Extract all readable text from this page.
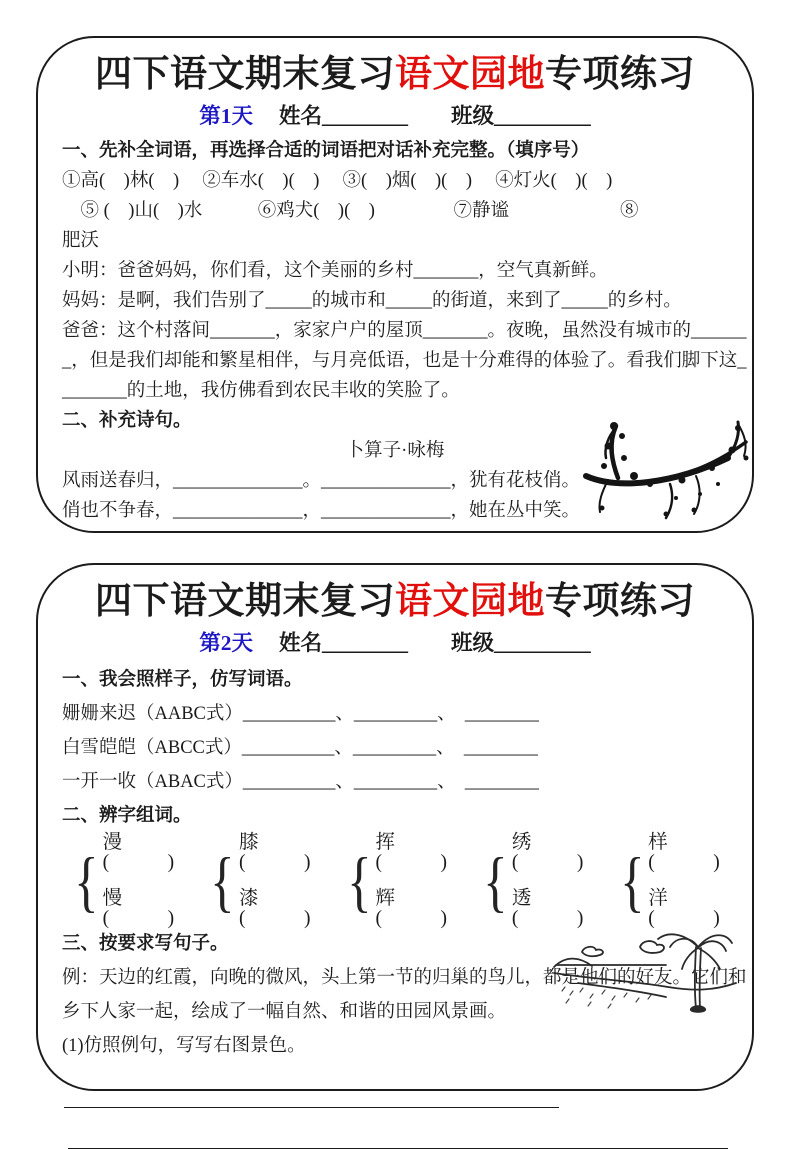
四下语文期末复习语文园地专项练习
第1天 姓名________　　班级_________

一、先补全词语，再选择合适的词语把对话补充完整。（填序号）

①高(　)林(　)　 ②车水(　)(　)　 ③(　)烟(　)(　)　 ④灯火(　)(　)

　⑤ (　)山(　)水　　　⑥鸡犬(　)(　)　　　　 ⑦静谧　　　　　　⑧

肥沃

小明：爸爸妈妈，你们看，这个美丽的乡村_______，空气真新鲜。

妈妈：是啊，我们告别了_____的城市和_____的街道，来到了_____的乡村。

爸爸：这个村落间_______，家家户户的屋顶_______。夜晚，虽然没有城市的______

_，但是我们却能和繁星相伴，与月亮低语，也是十分难得的体验了。看我们脚下这_

_______的土地，我仿佛看到农民丰收的笑脸了。

二、补充诗句。

卜算子·咏梅

风雨送春归，______________。______________，犹有花枝俏。

俏也不争春，______________，______________，她在丛中笑。

四下语文期末复习语文园地专项练习
第2天 姓名________　　班级_________

一、我会照样子，仿写词语。

姗姗来迟（AABC式）__________、_________、　________

白雪皑皑（ABCC式）__________、_________、　________

一开一收（ABAC式）__________、_________、　________

二、辨字组词。

{
漫(　　　)
慢(　　　) {
膝(　　　)
漆(　　　) {
挥(　　　)
辉(　　　) {
绣(　　　)
透(　　　) {
样(　　　)
洋(　　　)

三、按要求写句子。

例：天边的红霞，向晚的微风，头上第一节的归巢的鸟儿，都是他们的好友。它们和

乡下人家一起，绘成了一幅自然、和谐的田园风景画。

(1)仿照例句，写写右图景色。
